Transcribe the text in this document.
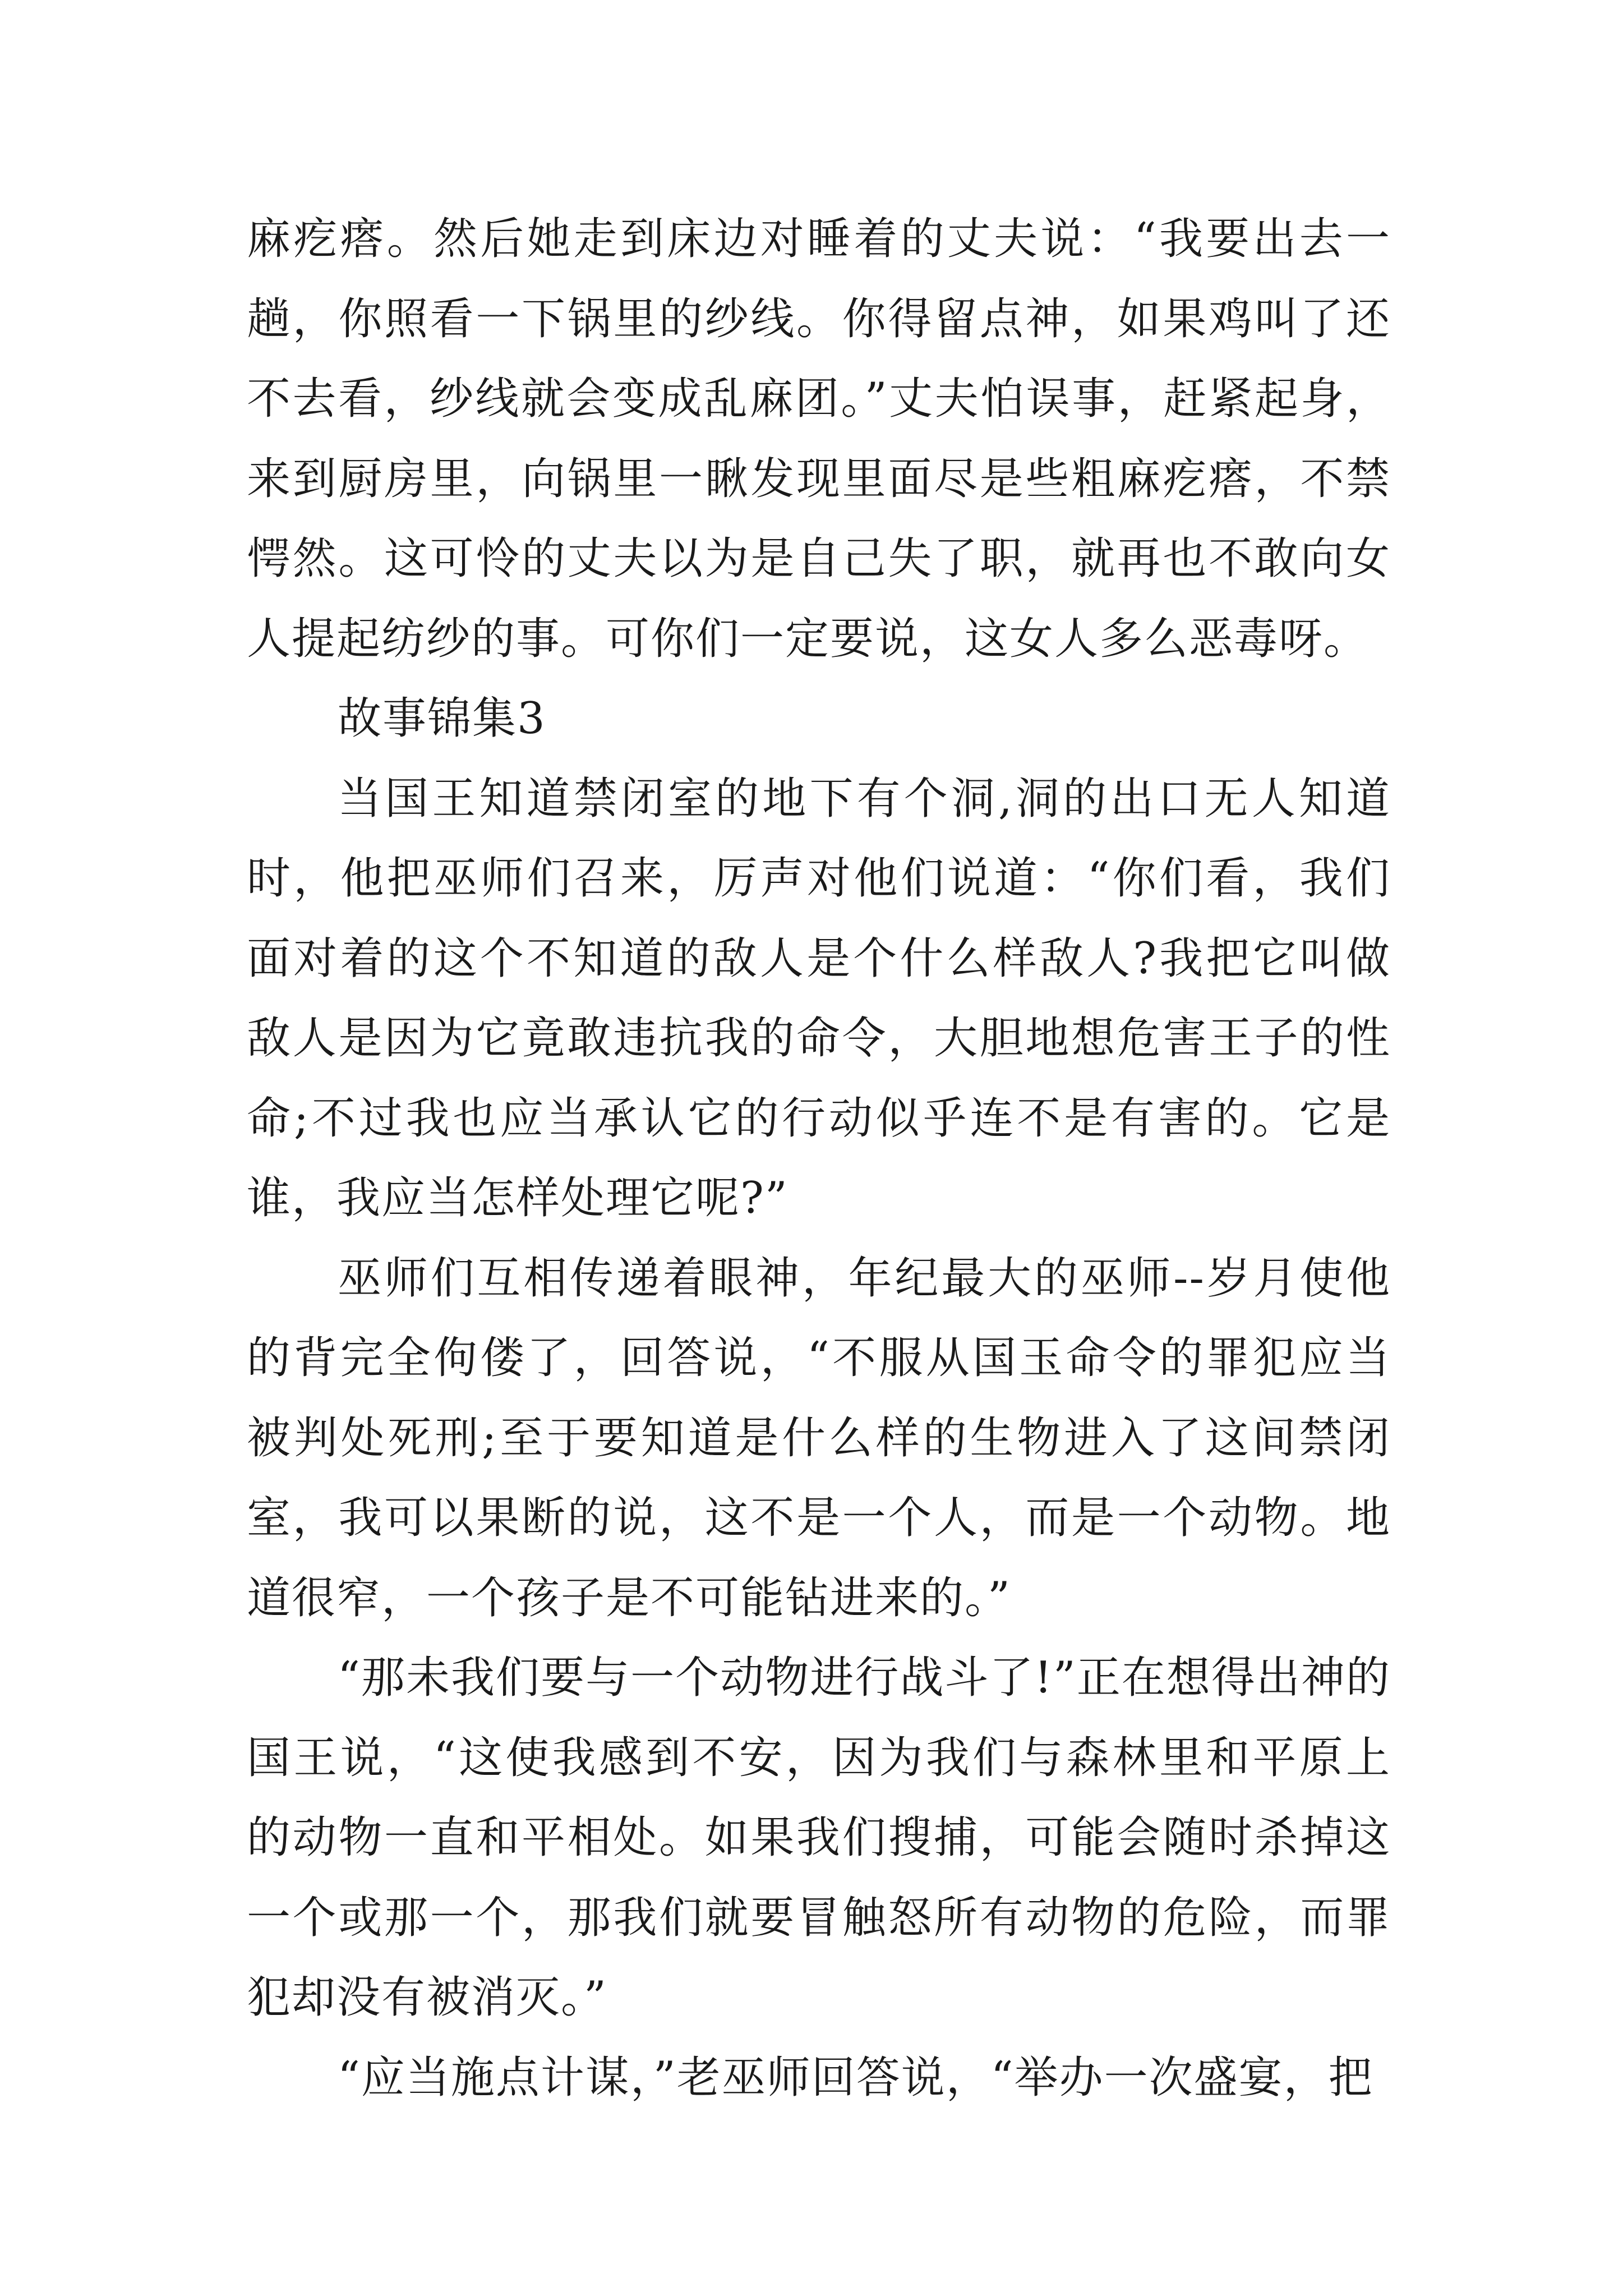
麻疙瘩。然后她走到床边对睡着的丈夫说：“我要出去一趟，你照看一下锅里的纱线。你得留点神，如果鸡叫了还不去看，纱线就会变成乱麻团。”丈夫怕误事，赶紧起身，来到厨房里，向锅里一瞅发现里面尽是些粗麻疙瘩，不禁愕然。这可怜的丈夫以为是自己失了职，就再也不敢向女人提起纺纱的事。可你们一定要说，这女人多么恶毒呀。

故事锦集3

当国王知道禁闭室的地下有个洞,洞的出口无人知道时，他把巫师们召来，厉声对他们说道：“你们看，我们面对着的这个不知道的敌人是个什么样敌人?我把它叫做敌人是因为它竟敢违抗我的命令，大胆地想危害王子的性命;不过我也应当承认它的行动似乎连不是有害的。它是谁，我应当怎样处理它呢?”

巫师们互相传递着眼神，年纪最大的巫师--岁月使他的背完全佝偻了，回答说，“不服从国玉命令的罪犯应当被判处死刑;至于要知道是什么样的生物进入了这间禁闭室，我可以果断的说，这不是一个人，而是一个动物。地道很窄，一个孩子是不可能钻进来的。”

“那未我们要与一个动物进行战斗了!”正在想得出神的国王说，“这使我感到不安，因为我们与森林里和平原上的动物一直和平相处。如果我们搜捕，可能会随时杀掉这一个或那一个，那我们就要冒触怒所有动物的危险，而罪犯却没有被消灭。”

“应当施点计谋，”老巫师回答说，“举办一次盛宴，把
